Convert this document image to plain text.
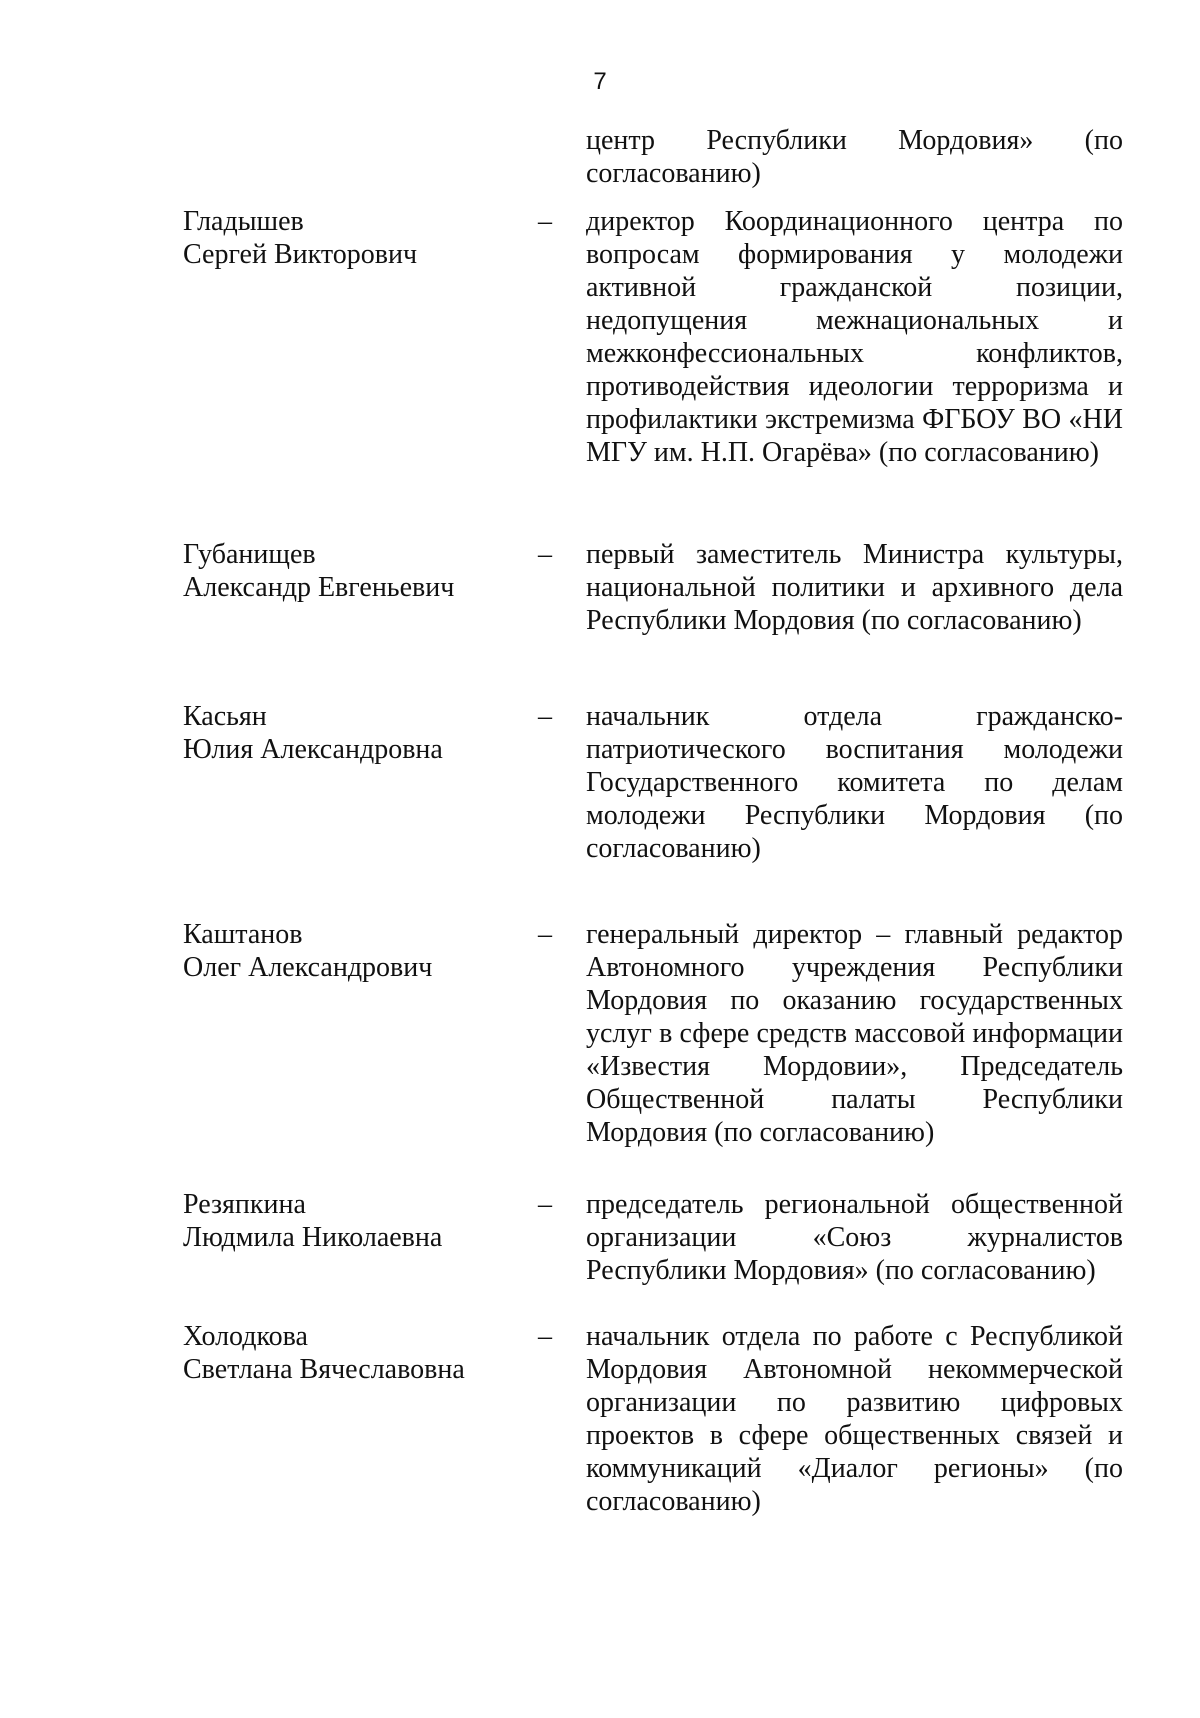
7
центр Республики Мордовия» (по согласованию)
Гладышев
Сергей Викторович
– директор Координационного центра по вопросам формирования у молодежи активной гражданской позиции, недопущения межнациональных и межконфессиональных конфликтов, противодействия идеологии терроризма и профилактики экстремизма ФГБОУ ВО «НИ МГУ им. Н.П. Огарёва» (по согласованию)
Губанищев
Александр Евгеньевич
– первый заместитель Министра культуры, национальной политики и архивного дела Республики Мордовия (по согласованию)
Касьян
Юлия Александровна
– начальник отдела гражданско-патриотического воспитания молодежи Государственного комитета по делам молодежи Республики Мордовия (по согласованию)
Каштанов
Олег Александрович
– генеральный директор – главный редактор Автономного учреждения Республики Мордовия по оказанию государственных услуг в сфере средств массовой информации «Известия Мордовии», Председатель Общественной палаты Республики Мордовия (по согласованию)
Резяпкина
Людмила Николаевна
– председатель региональной общественной организации «Союз журналистов Республики Мордовия» (по согласованию)
Холодкова
Светлана Вячеславовна
– начальник отдела по работе с Республикой Мордовия Автономной некоммерческой организации по развитию цифровых проектов в сфере общественных связей и коммуникаций «Диалог регионы» (по согласованию)
